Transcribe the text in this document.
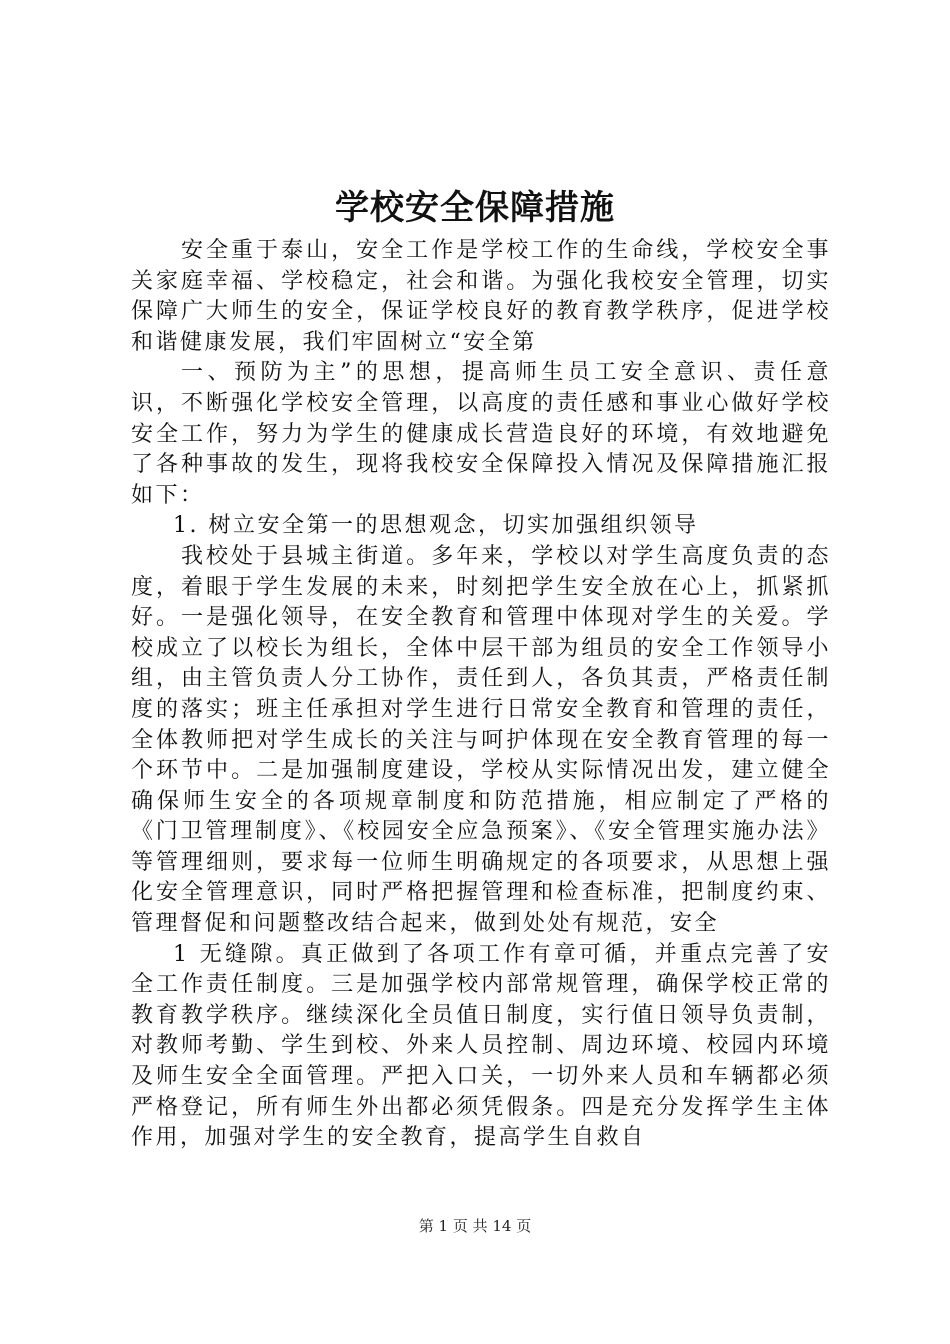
学校安全保障措施

安全重于泰山，安全工作是学校工作的生命线，学校安全事关家庭幸福、学校稳定，社会和谐。为强化我校安全管理，切实保障广大师生的安全，保证学校良好的教育教学秩序，促进学校和谐健康发展，我们牢固树立“安全第

一、预防为主”的思想，提高师生员工安全意识、责任意识，不断强化学校安全管理，以高度的责任感和事业心做好学校安全工作，努力为学生的健康成长营造良好的环境，有效地避免了各种事故的发生，现将我校安全保障投入情况及保障措施汇报如下：

1. 树立安全第一的思想观念，切实加强组织领导

我校处于县城主街道。多年来，学校以对学生高度负责的态度，着眼于学生发展的未来，时刻把学生安全放在心上，抓紧抓好。一是强化领导，在安全教育和管理中体现对学生的关爱。学校成立了以校长为组长，全体中层干部为组员的安全工作领导小组，由主管负责人分工协作，责任到人，各负其责，严格责任制度的落实；班主任承担对学生进行日常安全教育和管理的责任，全体教师把对学生成长的关注与呵护体现在安全教育管理的每一个环节中。二是加强制度建设，学校从实际情况出发，建立健全确保师生安全的各项规章制度和防范措施，相应制定了严格的《门卫管理制度》、《校园安全应急预案》、《安全管理实施办法》等管理细则，要求每一位师生明确规定的各项要求，从思想上强化安全管理意识，同时严格把握管理和检查标准，把制度约束、管理督促和问题整改结合起来，做到处处有规范，安全

1 无缝隙。真正做到了各项工作有章可循，并重点完善了安全工作责任制度。三是加强学校内部常规管理，确保学校正常的教育教学秩序。继续深化全员值日制度，实行值日领导负责制，对教师考勤、学生到校、外来人员控制、周边环境、校园内环境及师生安全全面管理。严把入口关，一切外来人员和车辆都必须严格登记，所有师生外出都必须凭假条。四是充分发挥学生主体作用，加强对学生的安全教育，提高学生自救自

第 1 页 共 14 页
